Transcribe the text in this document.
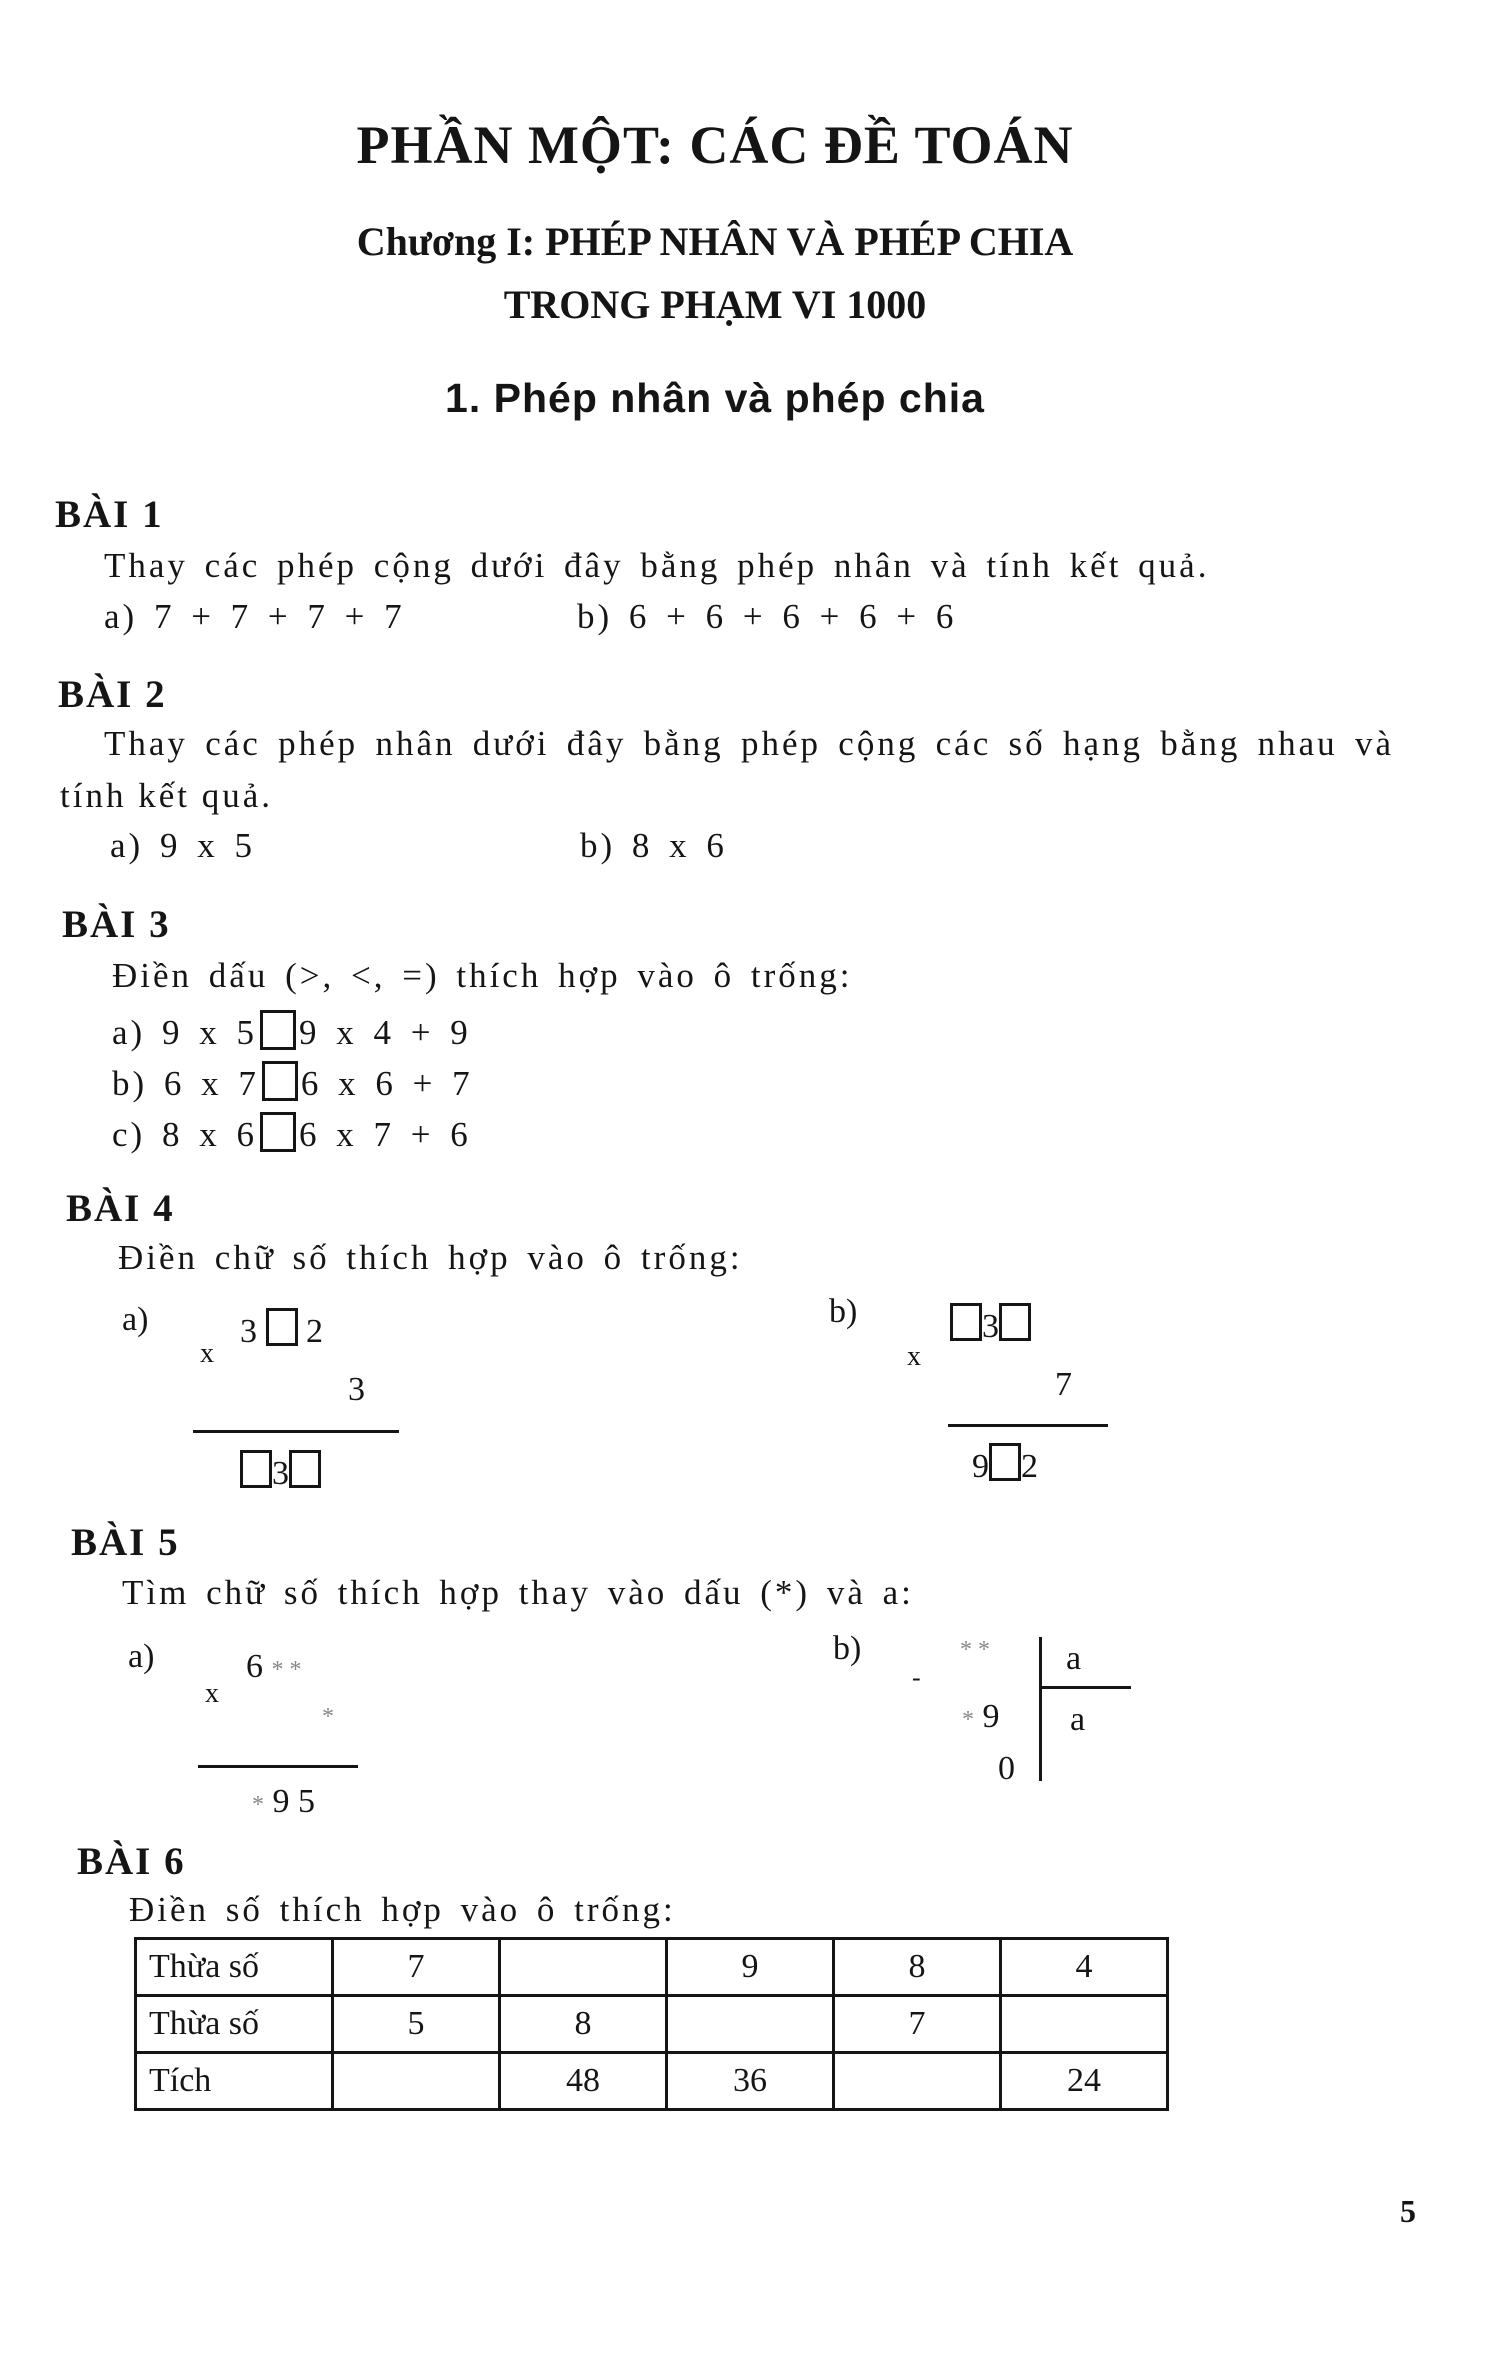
PHẦN MỘT: CÁC ĐỀ TOÁN
Chương I: PHÉP NHÂN VÀ PHÉP CHIA
TRONG PHẠM VI 1000
1. Phép nhân và phép chia
BÀI 1
Thay các phép cộng dưới đây bằng phép nhân và tính kết quả.
a) 7 + 7 + 7 + 7	b) 6 + 6 + 6 + 6 + 6
BÀI 2
Thay các phép nhân dưới đây bằng phép cộng các số hạng bằng nhau và tính kết quả.
a) 9 x 5	b) 8 x 6
BÀI 3
Điền dấu (>, <, =) thích hợp vào ô trống:
a) 9 x 5 9 x 4 + 9
b) 6 x 7 6 x 6 + 7
c) 8 x 6 6 x 7 + 6
BÀI 4
Điền chữ số thích hợp vào ô trống:
a)	3 2
x
3
3
b)	3
x
7
9 2
BÀI 5
Tìm chữ số thích hợp thay vào dấu (*) và a:
a)	6 * *
x
*
* 9 5
b)	* * a
-
* 9 a
0
BÀI 6
Điền số thích hợp vào ô trống:
Thừa số	7		9	8	4
Thừa số	5	8		7	
Tích		48	36		24
5
